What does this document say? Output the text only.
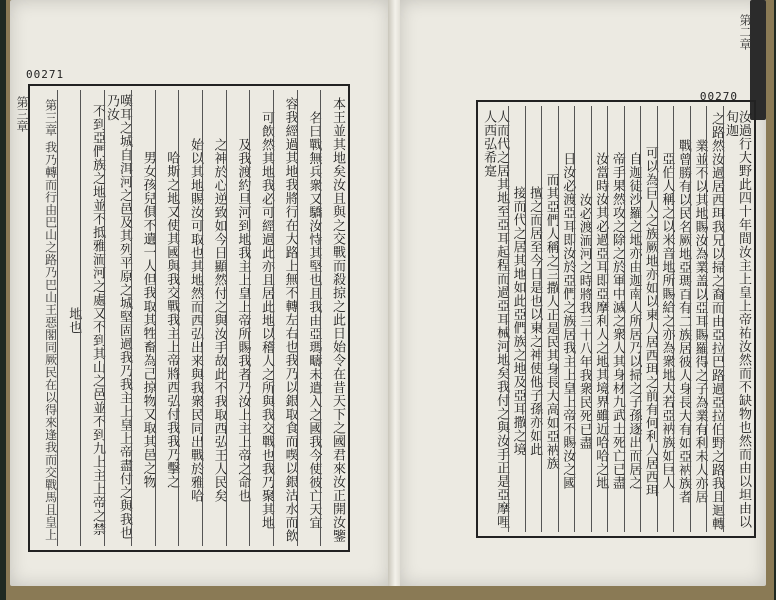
00271
第三章	本王並其地矣汝且與之交戰而殺掠之此日始令在昔天下之國君來汝正開汝鑒
名曰戰無兵衆又驕汝恃其堅也且我由亞瑪疇未遣入之國我今使彼亡天宜
容我經過其地我將行在大路上無不轉左右也我乃以銀取食而喫以銀沽水而飲
可飲然其地我必可經過此亦且居此地以稽人之所與我交戰也我乃聚其地
及我渡約旦河到地我主上皇上帝所賜我者乃汝上主上帝之命也
之神於心逆致如今日顯然付之與汝手故此不我取西弘王人民矣
始以其地賜汝可取也其地然而西弘出来與我衆民同出戰於雅哈
哈斯之地又使其國與我交戰我主上帝將西弘付我我乃擊之
男女孩兒俱不遺一人但我取其牲畜為己掠物又取其邑之物
嘆耳之城自洱河之邑及其列平原之城堅固過我乃我主上皇上帝盡付之與我也乃汝
不到亞們族之地並不抵雅洏河之處又不到其山之邑並不到九上主上帝之禁
地也
第三章 我乃轉而行由巴山之路乃巴山王惡閣同厥民在以得來逢我而交戰馬且皇上
00270
第二章
汝過行大野此四十年間汝主上皇上帝祐汝然而不缺物也然而由以坦由以旬迦
之路然汝過居西珥我兄以掃之裔而由亞拉巴路過亞拉伯野之路我且迴轉
業並不以其地賜汝為業盖以亞耳賜羅得之子為業有利未人亦居
戰曾勝有以民名厥地亞瑪百有二族居彼人身長大有如亞衲族者
亞伯人稱之以米音地所賜給之亦為衆地大若亞衲族如巨人
可以為巨人之族厥地亦如以東人居西珥之前有何利人居西珥
自迦徒沙羅之地亦由迦南人所居乃以掃之子孫逐出而居之
帝手果然攻之除之於軍中滅之衆人其身材九武士死亡已盡
汝當時汝其必過亞耳即亞摩利人之地其境界雖近哈哈之地
汝必渡洏河之時將我三十八年我衆民死已盡
日汝必渡亞耳即汝於亞們之族居我主上皇上帝不賜汝之國
而其亞們人稱之三撒人正是民其身長大高如亞衲族
擅之而居至今日是也以東之神使他子孫亦如此
接而代之居其地如此亞們族之地及亞耳撒之境
人而代之居其地至亞耳起程而過亞耳械河地矣我付之與汝手正是亞摩哩人西弘希寔
